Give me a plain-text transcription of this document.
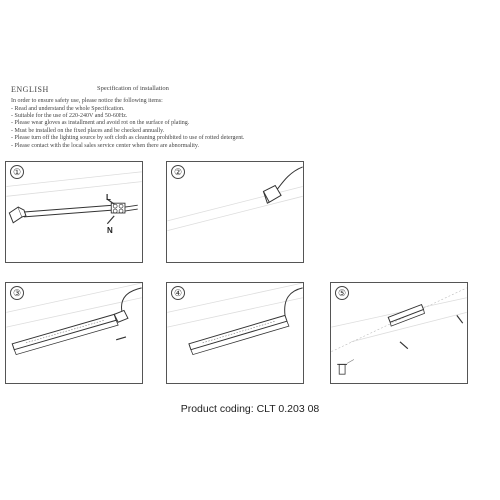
ENGLISH	Specification of installation
In order to ensure safety use, please notice the following items:
- Read and understand the whole Specification.
- Suitable for the use of 220-240V and 50-60Hz.
- Please wear gloves as installment and avoid rot on the surface of plating.
- Must be installed on the fixed places and be checked annually.
- Please turn off the lighting source by soft cloth as cleaning prohibited to use of rotted detergent.
- Please contact with the local sales service center when there are abnormality.
①
L
N
②
③	④	⑤
Product coding: CLT 0.203 08
